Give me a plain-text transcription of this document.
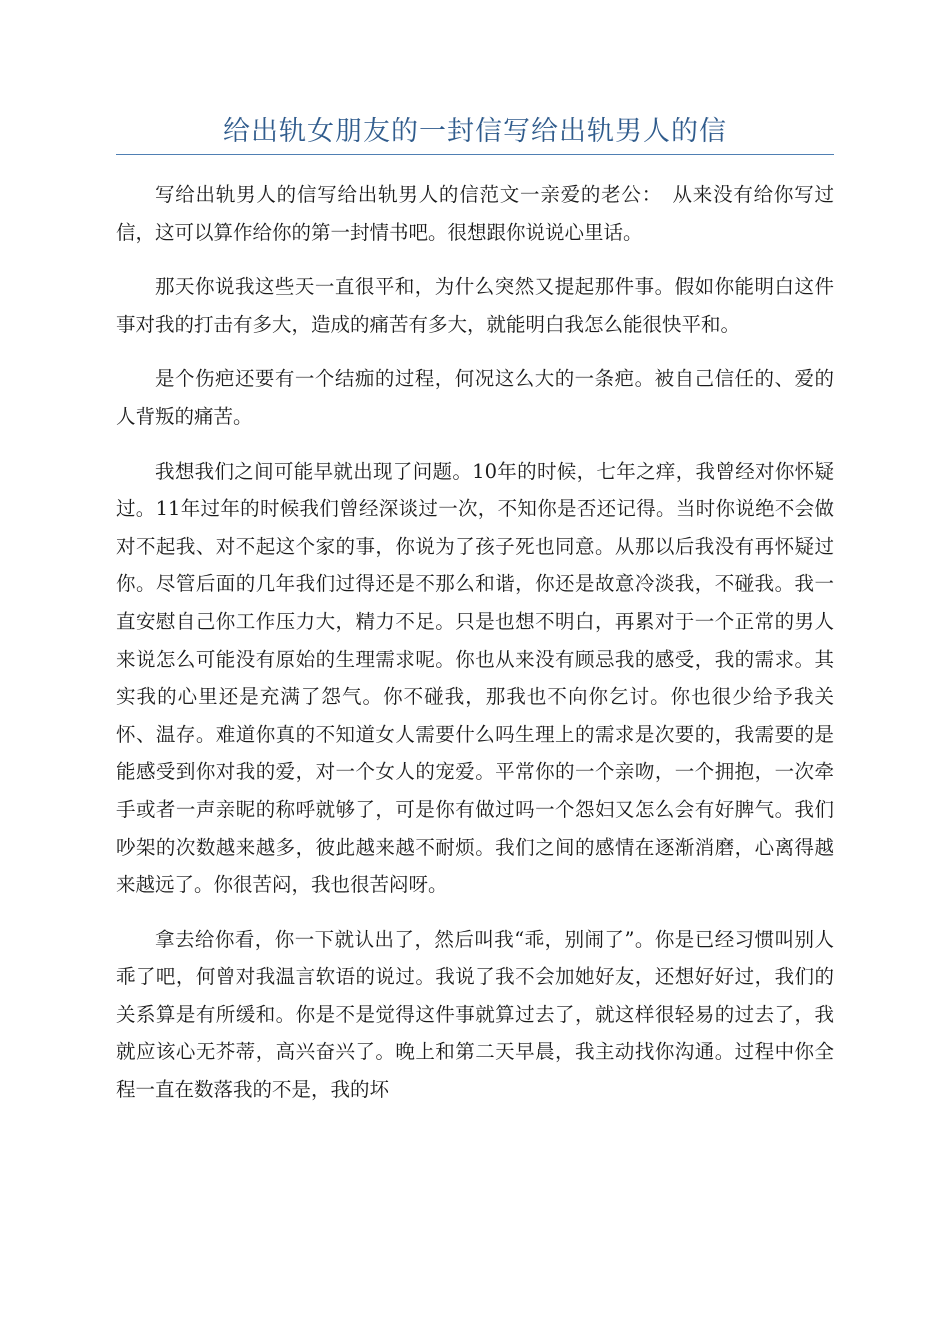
给出轨女朋友的一封信写给出轨男人的信

写给出轨男人的信写给出轨男人的信范文一亲爱的老公：　从来没有给你写过信，这可以算作给你的第一封情书吧。很想跟你说说心里话。

那天你说我这些天一直很平和，为什么突然又提起那件事。假如你能明白这件事对我的打击有多大，造成的痛苦有多大，就能明白我怎么能很快平和。

是个伤疤还要有一个结痂的过程，何况这么大的一条疤。被自己信任的、爱的人背叛的痛苦。

我想我们之间可能早就出现了问题。10年的时候，七年之痒，我曾经对你怀疑过。11年过年的时候我们曾经深谈过一次，不知你是否还记得。当时你说绝不会做对不起我、对不起这个家的事，你说为了孩子死也同意。从那以后我没有再怀疑过你。尽管后面的几年我们过得还是不那么和谐，你还是故意冷淡我，不碰我。我一直安慰自己你工作压力大，精力不足。只是也想不明白，再累对于一个正常的男人来说怎么可能没有原始的生理需求呢。你也从来没有顾忌我的感受，我的需求。其实我的心里还是充满了怨气。你不碰我，那我也不向你乞讨。你也很少给予我关怀、温存。难道你真的不知道女人需要什么吗生理上的需求是次要的，我需要的是能感受到你对我的爱，对一个女人的宠爱。平常你的一个亲吻，一个拥抱，一次牵手或者一声亲昵的称呼就够了，可是你有做过吗一个怨妇又怎么会有好脾气。我们吵架的次数越来越多，彼此越来越不耐烦。我们之间的感情在逐渐消磨，心离得越来越远了。你很苦闷，我也很苦闷呀。

拿去给你看，你一下就认出了，然后叫我“乖，别闹了”。你是已经习惯叫别人乖了吧，何曾对我温言软语的说过。我说了我不会加她好友，还想好好过，我们的关系算是有所缓和。你是不是觉得这件事就算过去了，就这样很轻易的过去了，我就应该心无芥蒂，高兴奋兴了。晚上和第二天早晨，我主动找你沟通。过程中你全程一直在数落我的不是，我的坏
